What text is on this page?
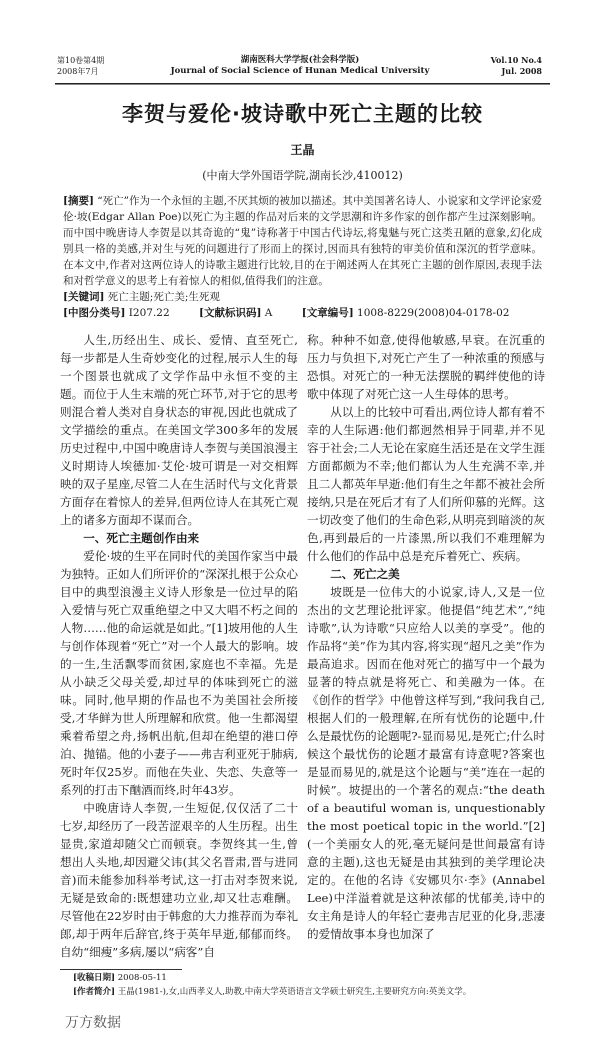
第10卷第4期
2008年7月
湖南医科大学学报(社会科学版)
Journal of Social Science of Hunan Medical University
Vol.10 No.4
Jul. 2008
李贺与爱伦·坡诗歌中死亡主题的比较
王晶
(中南大学外国语学院,湖南长沙,410012)
[摘要] “死亡”作为一个永恒的主题,不厌其烦的被加以描述。其中美国著名诗人、小说家和文学评论家爱伦·坡(Edgar Allan Poe)以死亡为主题的作品对后来的文学思潮和许多作家的创作都产生过深刻影响。而中国中晚唐诗人李贺是以其奇诡的“鬼”诗称著于中国古代诗坛,将鬼魅与死亡这类丑陋的意象,幻化成别具一格的美感,并对生与死的问题进行了形而上的探讨,因而具有独特的审美价值和深沉的哲学意味。在本文中,作者对这两位诗人的诗歌主题进行比较,目的在于阐述两人在其死亡主题的创作原因,表现手法和对哲学意义的思考上有着惊人的相似,值得我们的注意。
[关键词] 死亡主题;死亡美;生死观
[中图分类号] I207.22	[文献标识码] A	[文章编号] 1008-8229(2008)04-0178-02

人生,历经出生、成长、爱情、直至死亡,每一步都是人生奇妙变化的过程,展示人生的每一个图景也就成了文学作品中永恒不变的主题。而位于人生末端的死亡环节,对于它的思考则混合着人类对自身状态的审视,因此也就成了文学描绘的重点。在美国文学300多年的发展历史过程中,中国中晚唐诗人李贺与美国浪漫主义时期诗人埃德加·艾伦·坡可谓是一对交相辉映的双子星座,尽管二人在生活时代与文化背景方面存在着惊人的差异,但两位诗人在其死亡观上的诸多方面却不谋而合。

一、死亡主题创作由来

爱伦·坡的生平在同时代的美国作家当中最为独特。正如人们所评价的“深深扎根于公众心目中的典型浪漫主义诗人形象是一位过早的陷入爱情与死亡双重绝望之中又大唱不朽之间的人物……他的命运就是如此。”[1]坡用他的人生与创作体现着“死亡”对一个人最大的影响。坡的一生,生活飘零而贫困,家庭也不幸福。先是从小缺乏父母关爱,却过早的体味到死亡的滋味。同时,他早期的作品也不为美国社会所接受,才华鲜为世人所理解和欣赏。他一生都渴望乘着希望之舟,扬帆出航,但却在绝望的港口停泊、抛锚。他的小妻子——弗吉利亚死于肺病,死时年仅25岁。而他在失业、失恋、失意等一系列的打击下酗酒而终,时年43岁。

中晚唐诗人李贺,一生短促,仅仅活了二十七岁,却经历了一段苦涩艰辛的人生历程。出生显贵,家道却随父亡而顿衰。李贺终其一生,曾想出人头地,却因避父讳(其父名晋肃,晋与进同音)而未能参加科举考试,这一打击对李贺来说,无疑是致命的:既想建功立业,却又壮志难酬。尽管他在22岁时由于韩愈的大力推荐而为奉礼郎,却于两年后辞官,终于英年早逝,郁郁而终。自幼“细瘦”多病,屡以“病客”自

称。种种不如意,使得他敏感,早衰。在沉重的压力与负担下,对死亡产生了一种浓重的预感与恐惧。对死亡的一种无法摆脱的羁绊使他的诗歌中体现了对死亡这一人生母体的思考。

从以上的比较中可看出,两位诗人都有着不幸的人生际遇:他们都迥然相异于同辈,并不见容于社会;二人无论在家庭生活还是在文学生涯方面都颇为不幸;他们都认为人生充满不幸,并且二人都英年早逝:他们有生之年都不被社会所接纳,只是在死后才有了人们所仰慕的光辉。这一切改变了他们的生命色彩,从明亮到暗淡的灰色,再到最后的一片漆黑,所以我们不难理解为什么他们的作品中总是充斥着死亡、疾病。

二、死亡之美

坡既是一位伟大的小说家,诗人,又是一位杰出的文艺理论批评家。他提倡“纯艺术”,“纯诗歌”,认为诗歌“只应给人以美的享受”。他的作品将“美”作为其内容,将实现“超凡之美”作为最高追求。因而在他对死亡的描写中一个最为显著的特点就是将死亡、和美融为一体。在《创作的哲学》中他曾这样写到,“我问我自己,根据人们的一般理解,在所有忧伤的论题中,什么是最忧伤的论题呢?-显而易见,是死亡;什么时候这个最忧伤的论题才最富有诗意呢?答案也是显而易见的,就是这个论题与“美”连在一起的时候”。坡提出的一个著名的观点:“the death of a beautiful woman is, unquestionably the most poetical topic in the world.”[2](一个美丽女人的死,毫无疑问是世间最富有诗意的主题),这也无疑是由其独到的美学理论决定的。在他的名诗《安娜贝尔·李》(Annabel Lee)中洋溢着就是这种浓郁的忧郁美,诗中的女主角是诗人的年轻亡妻弗吉尼亚的化身,悲凄的爱情故事本身也加深了

[收稿日期] 2008-05-11
[作者简介] 王晶(1981-),女,山西孝义人,助教,中南大学英语语言文学硕士研究生,主要研究方向:英美文学。
万方数据
